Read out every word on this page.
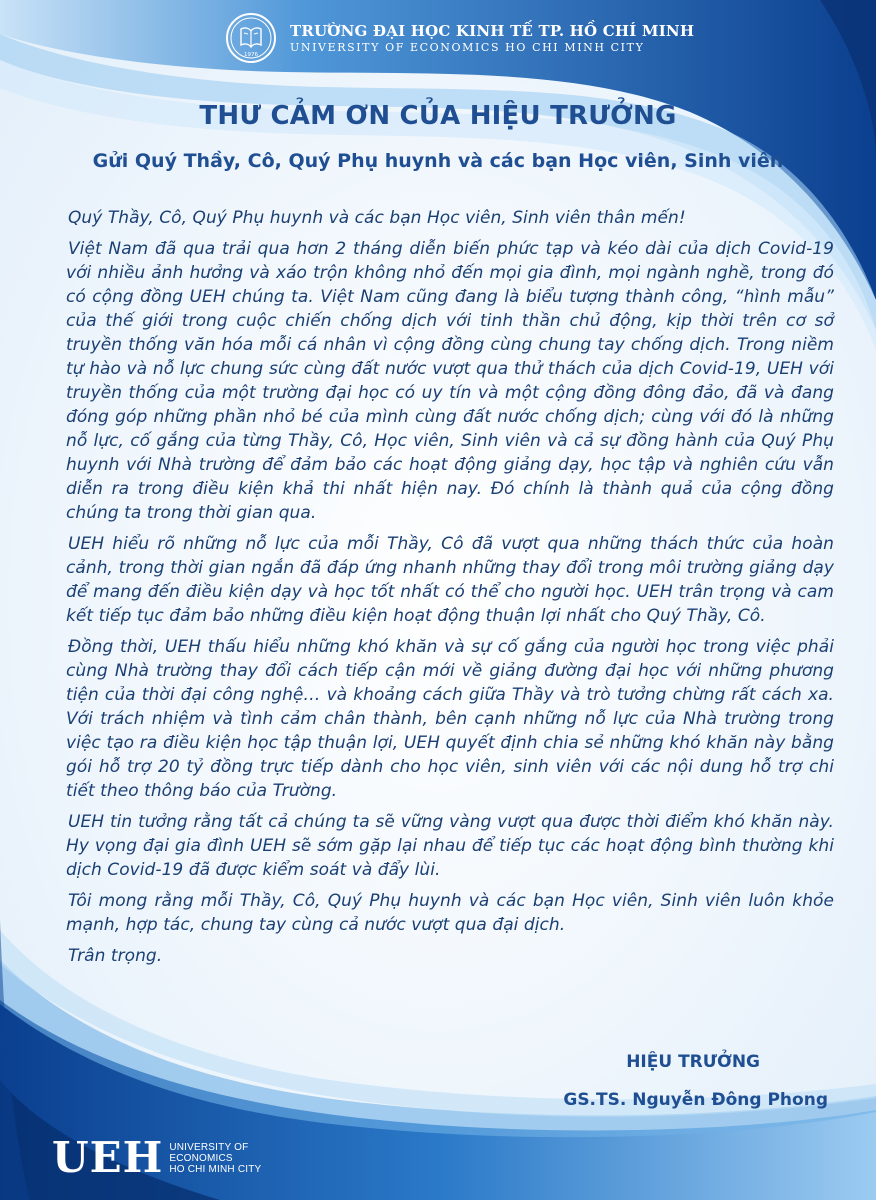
1976
TRƯỜNG ĐẠI HỌC KINH TẾ TP. HỒ CHÍ MINH
UNIVERSITY OF ECONOMICS HO CHI MINH CITY
THƯ CẢM ƠN CỦA HIỆU TRƯỞNG
Gửi Quý Thầy, Cô, Quý Phụ huynh và các bạn Học viên, Sinh viên

Quý Thầy, Cô, Quý Phụ huynh và các bạn Học viên, Sinh viên thân mến!

Việt Nam đã qua trải qua hơn 2 tháng diễn biến phức tạp và kéo dài của dịch Covid-19 với nhiều ảnh hưởng và xáo trộn không nhỏ đến mọi gia đình, mọi ngành nghề, trong đó có cộng đồng UEH chúng ta. Việt Nam cũng đang là biểu tượng thành công, “hình mẫu” của thế giới trong cuộc chiến chống dịch với tinh thần chủ động, kịp thời trên cơ sở truyền thống văn hóa mỗi cá nhân vì cộng đồng cùng chung tay chống dịch. Trong niềm tự hào và nỗ lực chung sức cùng đất nước vượt qua thử thách của dịch Covid-19, UEH với truyền thống của một trường đại học có uy tín và một cộng đồng đông đảo, đã và đang đóng góp những phần nhỏ bé của mình cùng đất nước chống dịch; cùng với đó là những nỗ lực, cố gắng của từng Thầy, Cô, Học viên, Sinh viên và cả sự đồng hành của Quý Phụ huynh với Nhà trường để đảm bảo các hoạt động giảng dạy, học tập và nghiên cứu vẫn diễn ra trong điều kiện khả thi nhất hiện nay. Đó chính là thành quả của cộng đồng chúng ta trong thời gian qua.

UEH hiểu rõ những nỗ lực của mỗi Thầy, Cô đã vượt qua những thách thức của hoàn cảnh, trong thời gian ngắn đã đáp ứng nhanh những thay đổi trong môi trường giảng dạy để mang đến điều kiện dạy và học tốt nhất có thể cho người học. UEH trân trọng và cam kết tiếp tục đảm bảo những điều kiện hoạt động thuận lợi nhất cho Quý Thầy, Cô.

Đồng thời, UEH thấu hiểu những khó khăn và sự cố gắng của người học trong việc phải cùng Nhà trường thay đổi cách tiếp cận mới về giảng đường đại học với những phương tiện của thời đại công nghệ… và khoảng cách giữa Thầy và trò tưởng chừng rất cách xa. Với trách nhiệm và tình cảm chân thành, bên cạnh những nỗ lực của Nhà trường trong việc tạo ra điều kiện học tập thuận lợi, UEH quyết định chia sẻ những khó khăn này bằng gói hỗ trợ 20 tỷ đồng trực tiếp dành cho học viên, sinh viên với các nội dung hỗ trợ chi tiết theo thông báo của Trường.

UEH tin tưởng rằng tất cả chúng ta sẽ vững vàng vượt qua được thời điểm khó khăn này. Hy vọng đại gia đình UEH sẽ sớm gặp lại nhau để tiếp tục các hoạt động bình thường khi dịch Covid-19 đã được kiểm soát và đẩy lùi.

Tôi mong rằng mỗi Thầy, Cô, Quý Phụ huynh và các bạn Học viên, Sinh viên luôn khỏe mạnh, hợp tác, chung tay cùng cả nước vượt qua đại dịch.

Trân trọng.

HIỆU TRƯỞNG
GS.TS. Nguyễn Đông Phong
UEH UNIVERSITY OF
ECONOMICS
HO CHI MINH CITY
